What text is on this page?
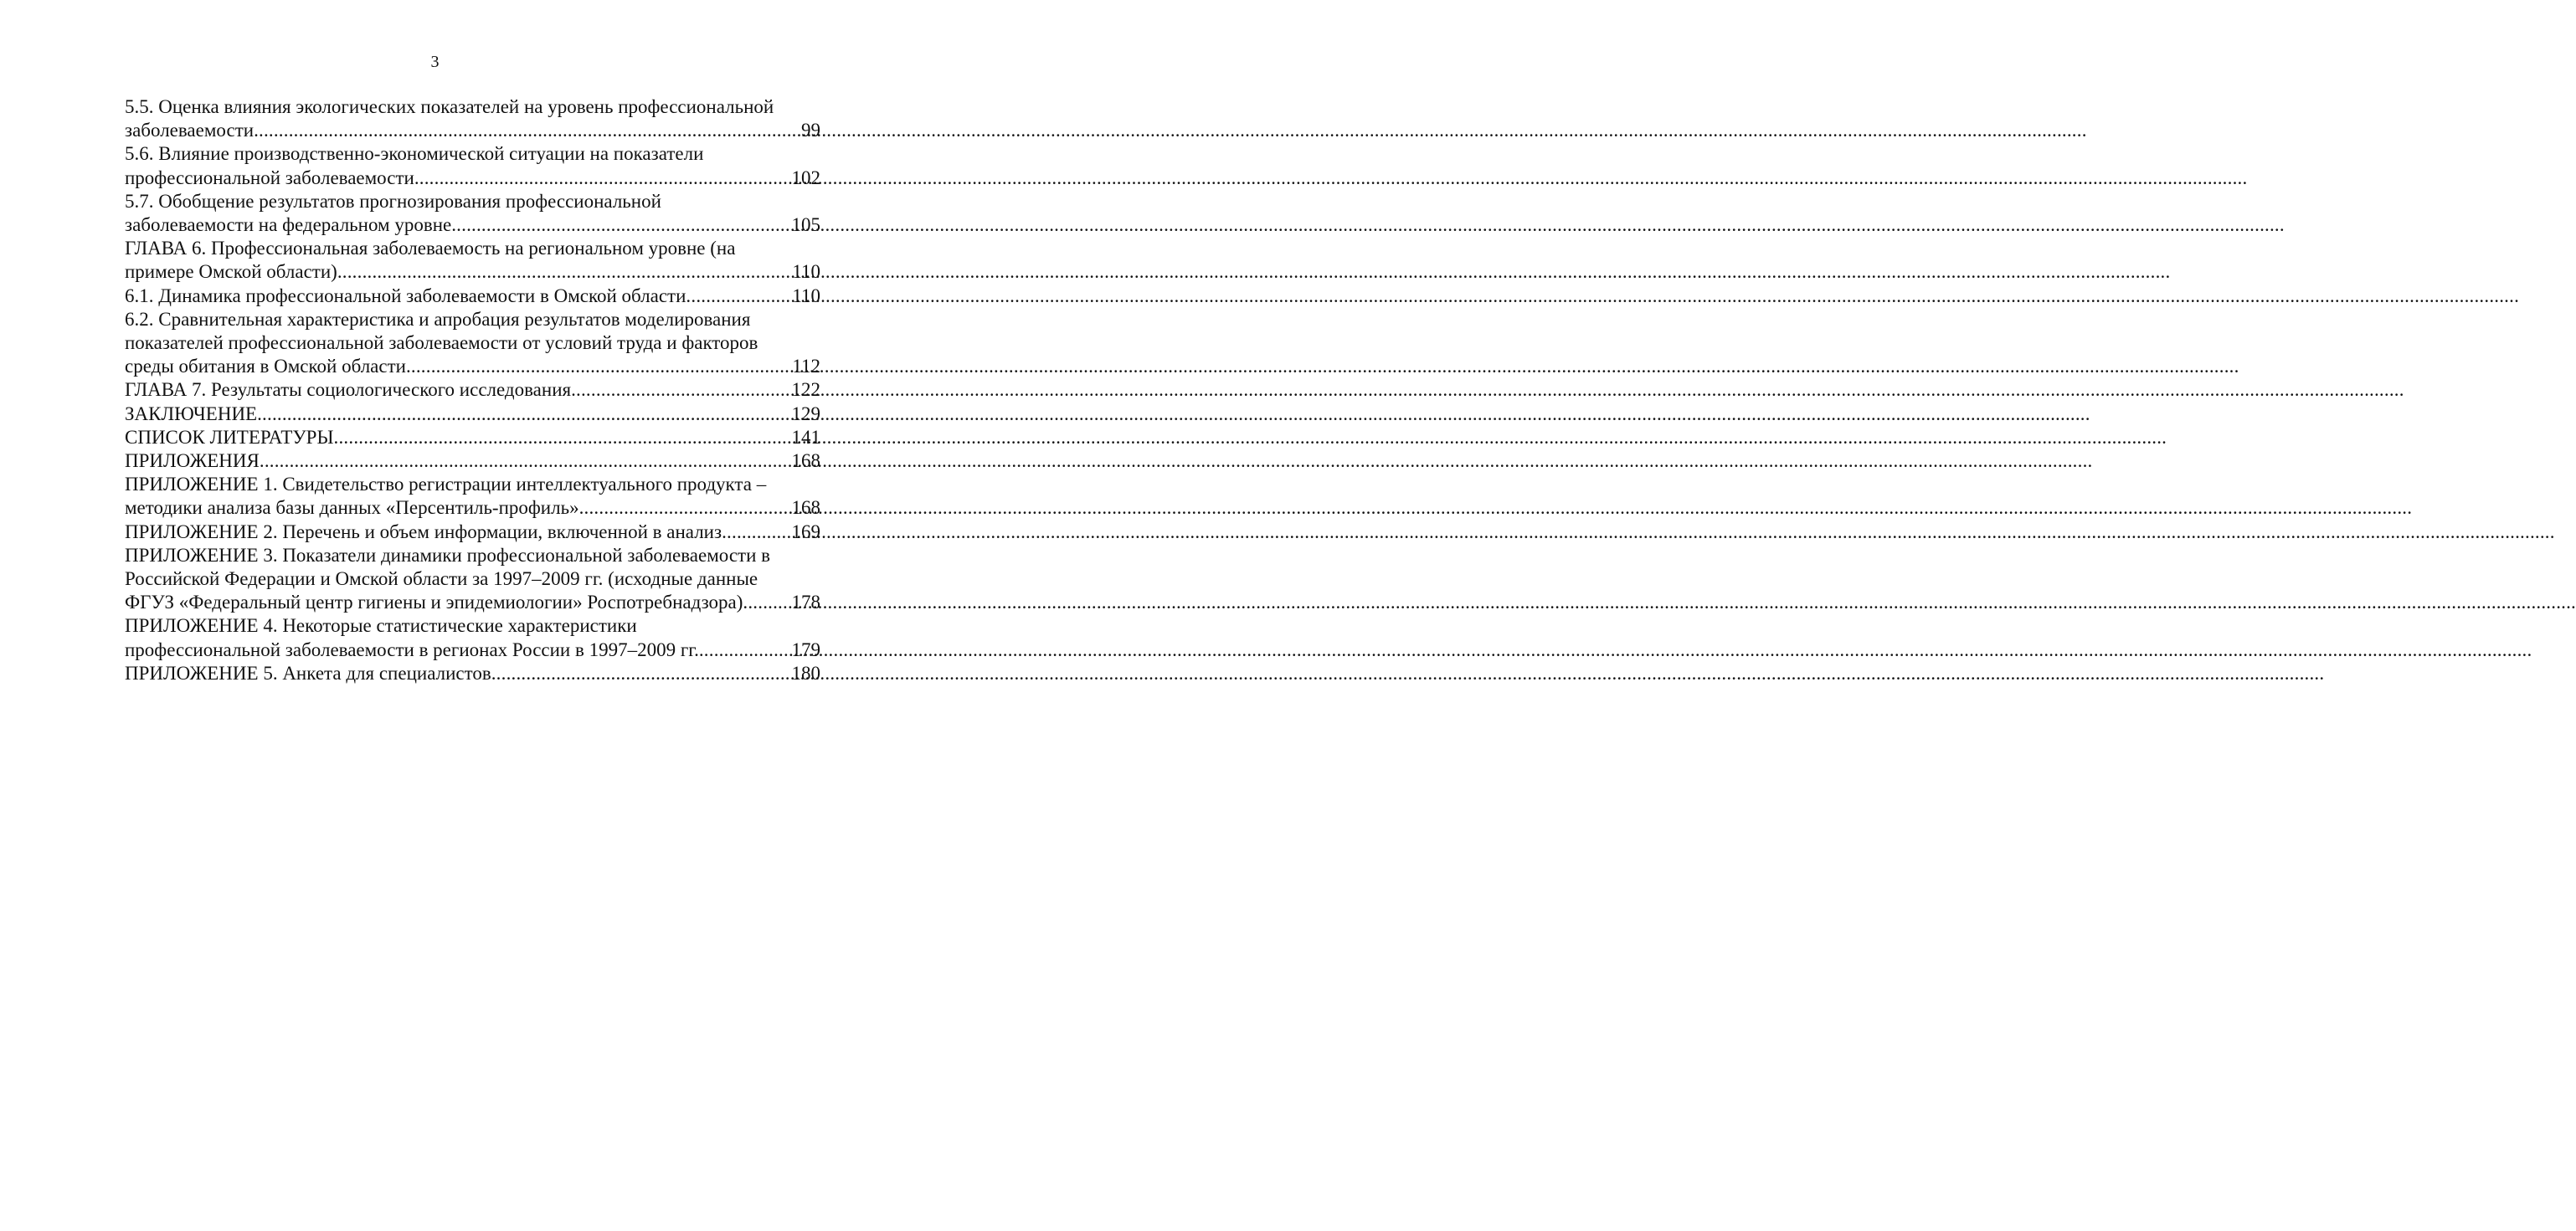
3
5.5. Оценка влияния экологических показателей на уровень профессиональной
заболеваемости .....	99
5.6. Влияние производственно-экономической ситуации на показатели
профессиональной заболеваемости .....	102
5.7. Обобщение результатов прогнозирования профессиональной
заболеваемости на федеральном уровне .....	105
ГЛАВА 6. Профессиональная заболеваемость на региональном уровне (на
примере Омской области) .....	110
6.1. Динамика профессиональной заболеваемости в Омской области .....	110
6.2. Сравнительная характеристика и апробация результатов моделирования
показателей профессиональной заболеваемости от условий труда и факторов
среды обитания в Омской области .....	112
ГЛАВА 7. Результаты социологического исследования .....	122
ЗАКЛЮЧЕНИЕ .....	129
СПИСОК ЛИТЕРАТУРЫ .....	141
ПРИЛОЖЕНИЯ .....	168
ПРИЛОЖЕНИЕ 1. Свидетельство регистрации интеллектуального продукта –
методики анализа базы данных «Персентиль-профиль» .....	168
ПРИЛОЖЕНИЕ 2. Перечень и объем информации, включенной в анализ .....	169
ПРИЛОЖЕНИЕ 3. Показатели динамики профессиональной заболеваемости в
Российской Федерации и Омской области за 1997–2009 гг. (исходные данные
ФГУЗ «Федеральный центр гигиены и эпидемиологии» Роспотребнадзора) .....	178
ПРИЛОЖЕНИЕ 4. Некоторые статистические характеристики
профессиональной заболеваемости в регионах России в 1997–2009 гг. .....	179
ПРИЛОЖЕНИЕ 5. Анкета для специалистов .....	180
